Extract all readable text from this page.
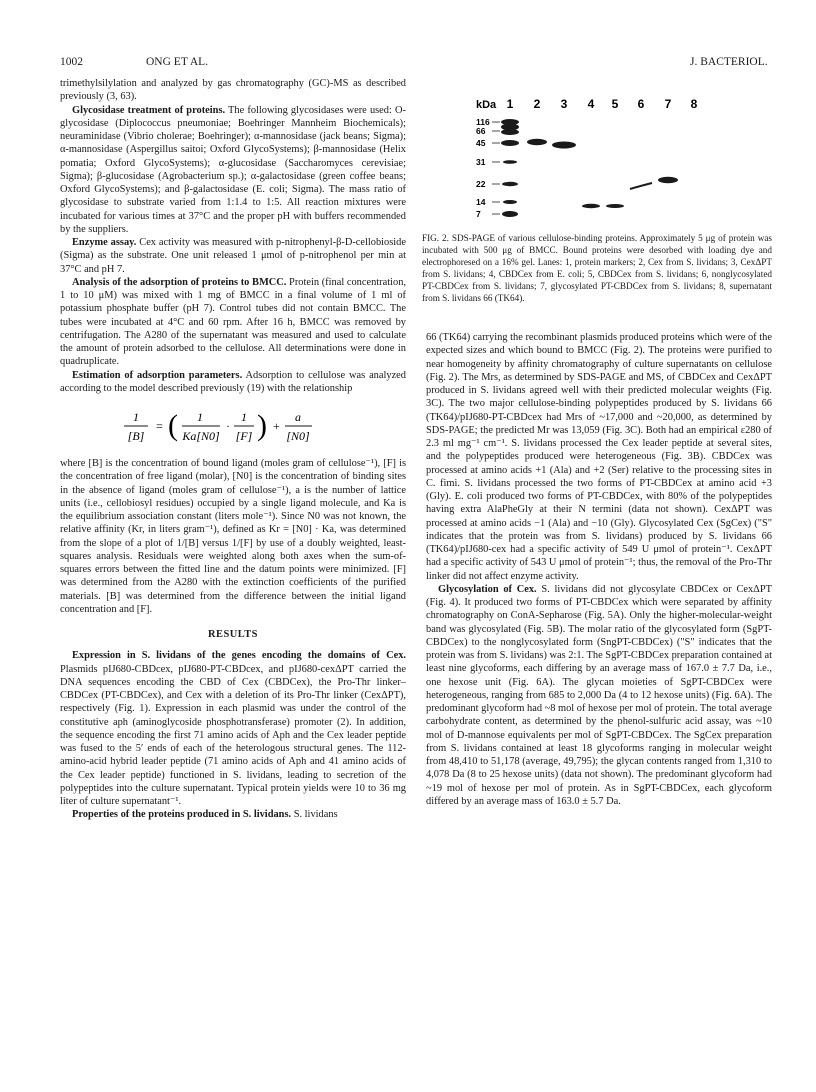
1002	ONG ET AL.	J. BACTERIOL.

trimethylsilylation and analyzed by gas chromatography (GC)-MS as described previously (3, 63).

Glycosidase treatment of proteins. The following glycosidases were used: O-glycosidase (Diplococcus pneumoniae; Boehringer Mannheim Biochemicals); neuraminidase (Vibrio cholerae; Boehringer); α-mannosidase (jack beans; Sigma); α-mannosidase (Aspergillus saitoi; Oxford GlycoSystems); β-mannosidase (Helix pomatia; Oxford GlycoSystems); α-glucosidase (Saccharomyces cerevisiae; Sigma); β-glucosidase (Agrobacterium sp.); α-galactosidase (green coffee beans; Oxford GlycoSystems); and β-galactosidase (E. coli; Sigma). The mass ratio of glycosidase to substrate varied from 1:1.4 to 1:5. All reaction mixtures were incubated for various times at 37°C and the proper pH with buffers recommended by the suppliers.

Enzyme assay. Cex activity was measured with p-nitrophenyl-β-D-cellobioside (Sigma) as the substrate. One unit released 1 μmol of p-nitrophenol per min at 37°C and pH 7.

Analysis of the adsorption of proteins to BMCC. Protein (final concentration, 1 to 10 μM) was mixed with 1 mg of BMCC in a final volume of 1 ml of potassium phosphate buffer (pH 7). Control tubes did not contain BMCC. The tubes were incubated at 4°C and 60 rpm. After 16 h, BMCC was removed by centrifugation. The A280 of the supernatant was measured and used to calculate the amount of protein adsorbed to the cellulose. All determinations were done in quadruplicate.

Estimation of adsorption parameters. Adsorption to cellulose was analyzed according to the model described previously (19) with the relationship

1
[B]
= ( 1
Ka[N0]
·
1
[F] ) +
a
[N0]

where [B] is the concentration of bound ligand (moles gram of cellulose⁻¹), [F] is the concentration of free ligand (molar), [N0] is the concentration of binding sites in the absence of ligand (moles gram of cellulose⁻¹), a is the number of lattice units (i.e., cellobiosyl residues) occupied by a single ligand molecule, and Ka is the equilibrium association constant (liters mole⁻¹). Since N0 was not known, the relative affinity (Kr, in liters gram⁻¹), defined as Kr = [N0] · Ka, was determined from the slope of a plot of 1/[B] versus 1/[F] by use of a doubly weighted, least-squares analysis. Residuals were weighted along both axes when the sum-of-squares errors between the fitted line and the datum points were minimized. [F] was determined from the A280 with the extinction coefficients of the purified materials. [B] was determined from the difference between the initial ligand concentration and [F].

RESULTS

Expression in S. lividans of the genes encoding the domains of Cex. Plasmids pIJ680-CBDcex, pIJ680-PT-CBDcex, and pIJ680-cexΔPT carried the DNA sequences encoding the CBD of Cex (CBDCex), the Pro-Thr linker–CBDCex (PT-CBDCex), and Cex with a deletion of its Pro-Thr linker (CexΔPT), respectively (Fig. 1). Expression in each plasmid was under the control of the constitutive aph (aminoglycoside phosphotransferase) promoter (2). In addition, the sequence encoding the first 71 amino acids of Aph and the Cex leader peptide was fused to the 5′ ends of each of the heterologous structural genes. The 112-amino-acid hybrid leader peptide (71 amino acids of Aph and 41 amino acids of the Cex leader peptide) functioned in S. lividans, leading to secretion of the polypeptides into the culture supernatant. Typical protein yields were 10 to 36 mg liter of culture supernatant⁻¹.

Properties of the proteins produced in S. lividans. S. lividans

kDa 1 2 3 4 5 6 7 8
116
66
45
31
22
14
7
FIG. 2. SDS-PAGE of various cellulose-binding proteins. Approximately 5 μg of protein was incubated with 500 μg of BMCC. Bound proteins were desorbed with loading dye and electrophoresed on a 16% gel. Lanes: 1, protein markers; 2, Cex from S. lividans; 3, CexΔPT from S. lividans; 4, CBDCex from E. coli; 5, CBDCex from S. lividans; 6, nonglycosylated PT-CBDCex from S. lividans; 7, glycosylated PT-CBDCex from S. lividans; 8, supernatant from S. lividans 66 (TK64).

66 (TK64) carrying the recombinant plasmids produced proteins which were of the expected sizes and which bound to BMCC (Fig. 2). The proteins were purified to near homogeneity by affinity chromatography of culture supernatants on cellulose (Fig. 2). The Mrs, as determined by SDS-PAGE and MS, of CBDCex and CexΔPT produced in S. lividans agreed well with their predicted molecular weights (Fig. 3C). The two major cellulose-binding polypeptides produced by S. lividans 66 (TK64)/pIJ680-PT-CBDcex had Mrs of ~17,000 and ~20,000, as determined by SDS-PAGE; the predicted Mr was 13,059 (Fig. 3C). Both had an empirical ε280 of 2.3 ml mg⁻¹ cm⁻¹. S. lividans processed the Cex leader peptide at several sites, and the polypeptides produced were heterogeneous (Fig. 3B). CBDCex was processed at amino acids +1 (Ala) and +2 (Ser) relative to the processing sites in C. fimi. S. lividans processed the two forms of PT-CBDCex at amino acid +3 (Gly). E. coli produced two forms of PT-CBDCex, with 80% of the polypeptides having extra AlaPheGly at their N termini (data not shown). CexΔPT was processed at amino acids −1 (Ala) and −10 (Gly). Glycosylated Cex (SgCex) ("S" indicates that the protein was from S. lividans) produced by S. lividans 66 (TK64)/pIJ680-cex had a specific activity of 549 U μmol of protein⁻¹. CexΔPT had a specific activity of 543 U μmol of protein⁻¹; thus, the removal of the Pro-Thr linker did not affect enzyme activity.

Glycosylation of Cex. S. lividans did not glycosylate CBDCex or CexΔPT (Fig. 4). It produced two forms of PT-CBDCex which were separated by affinity chromatography on ConA-Sepharose (Fig. 5A). Only the higher-molecular-weight band was glycosylated (Fig. 5B). The molar ratio of the glycosylated form (SgPT-CBDCex) to the nonglycosylated form (SngPT-CBDCex) ("S" indicates that the protein was from S. lividans) was 2:1. The SgPT-CBDCex preparation contained at least nine glycoforms, each differing by an average mass of 167.0 ± 7.7 Da, i.e., one hexose unit (Fig. 6A). The glycan moieties of SgPT-CBDCex were heterogeneous, ranging from 685 to 2,000 Da (4 to 12 hexose units) (Fig. 6A). The predominant glycoform had ~8 mol of hexose per mol of protein. The total average carbohydrate content, as determined by the phenol-sulfuric acid assay, was ~10 mol of D-mannose equivalents per mol of SgPT-CBDCex. The SgCex preparation from S. lividans contained at least 18 glycoforms ranging in molecular weight from 48,410 to 51,178 (average, 49,795); the glycan contents ranged from 1,310 to 4,078 Da (8 to 25 hexose units) (data not shown). The predominant glycoform had ~19 mol of hexose per mol of protein. As in SgPT-CBDCex, each glycoform differed by an average mass of 163.0 ± 5.7 Da.
